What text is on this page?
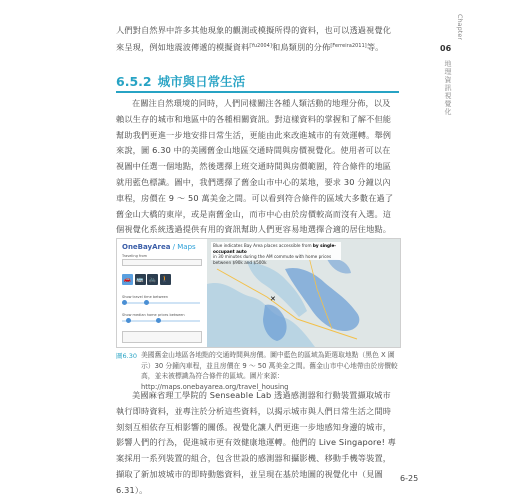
Chapter
06
地理資訊視覺化
人們對自然界中許多其他現象的觀測或模擬所得的資料，也可以透過視覺化來呈現，例如地震波傳遞的模擬資料[Yu2004]和鳥類別的分佈[Ferreira2011]等。
6.5.2 城市與日常生活
在關注自然環境的同時，人們同樣關注各種人類活動的地理分佈，以及賴以生存的城市和地區中的各種相關資訊。對這樣資料的掌握和了解不但能幫助我們更進一步地安排日常生活，更能由此來改進城市的有效運轉。舉例來說，圖 6.30 中的美國舊金山地區交通時間與房價視覺化。使用者可以在視圖中任選一個地點，然後選擇上班交通時間與房價範圍，符合條件的地區就用藍色標識。圖中，我們選擇了舊金山市中心的某地，要求 30 分鐘以內車程，房價在 9 ～ 50 萬美金之間。可以看到符合條件的區域大多數在過了舊金山大橋的東岸，或是南舊金山，而市中心由於房價較高而沒有入選。這個視覺化系統透過提供有用的資訊幫助人們更容易地選擇合適的居住地點。
OneBayArea / Maps
Traveling from
🚗 🚌 🚲 🚶
Show travel time between
Show median home prices between
✕
Blue indicates Bay Area places accessible from by single-occupant auto
in 30 minutes during the AM commute with home prices between $90k and $500k
圖6.30 美國舊金山地區各地點的交通時間與房價。圖中藍色的區域為距選取地點（黑色 X 圖示）30 分鐘內車程，並且房價在 9 ～ 50 萬美金之間。舊金山市中心地帶由於房價較高，並未被標識為符合條件的區域。圖片來源：http://maps.onebayarea.org/travel_housing
美國麻省理工學院的 Senseable Lab 透過感測器和行動裝置擷取城市執行即時資料，並專注於分析這些資料，以揭示城市與人們日常生活之間時刻刻互相依存互相影響的關係。視覺化讓人們更進一步地感知身邊的城市，影響人們的行為，促進城市更有效健康地運轉。他們的 Live Singapore! 專案採用一系列裝置的組合，包含世設的感測器和攝影機、移動手機等裝置，擷取了新加坡城市的即時動態資料，並呈現在基於地圖的視覺化中（見圖 6.31）。
6-25
